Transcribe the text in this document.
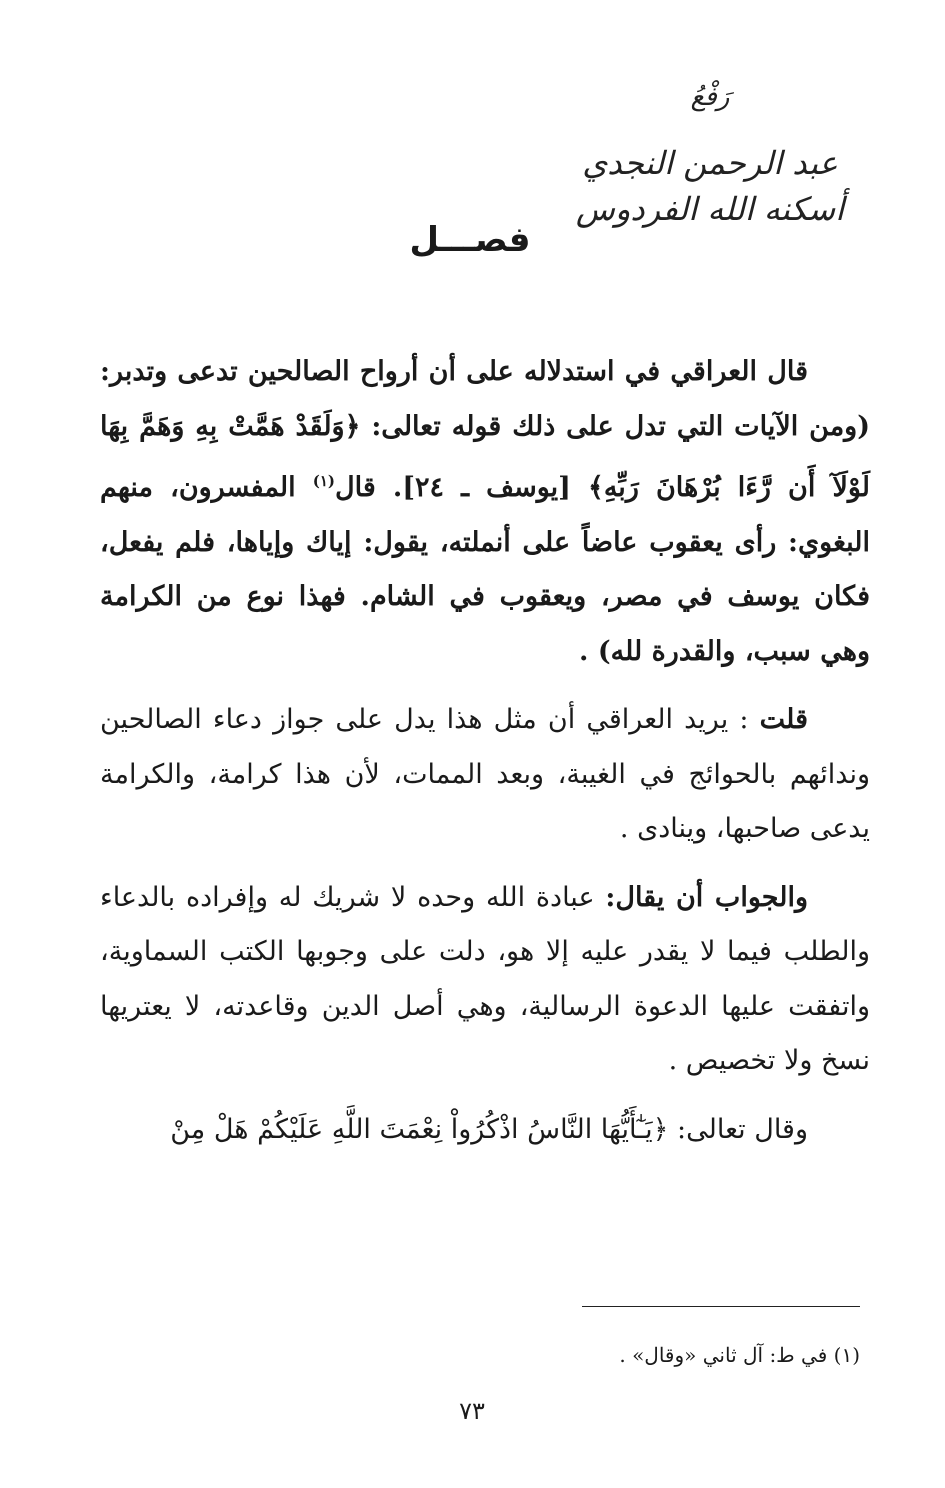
رَفْعُ
عبد الرحمن النجدي
أسكنه الله الفردوس
فصـــل

قال العراقي في استدلاله على أن أرواح الصالحين تدعى وتدبر: (ومن الآيات التي تدل على ذلك قوله تعالى: ﴿وَلَقَدْ هَمَّتْ بِهِ وَهَمَّ بِهَا لَوْلَآ أَن رَّءَا بُرْهَانَ رَبِّهِ﴾ [يوسف ـ ٢٤]. قال$^{(١)}$ المفسرون، منهم البغوي: رأى يعقوب عاضاً على أنملته، يقول: إياك وإياها، فلم يفعل، فكان يوسف في مصر، ويعقوب في الشام. فهذا نوع من الكرامة وهي سبب، والقدرة لله) .

قلت : يريد العراقي أن مثل هذا يدل على جواز دعاء الصالحين وندائهم بالحوائج في الغيبة، وبعد الممات، لأن هذا كرامة، والكرامة يدعى صاحبها، وينادى .

والجواب أن يقال: عبادة الله وحده لا شريك له وإفراده بالدعاء والطلب فيما لا يقدر عليه إلا هو، دلت على وجوبها الكتب السماوية، واتفقت عليها الدعوة الرسالية، وهي أصل الدين وقاعدته، لا يعتريها نسخ ولا تخصيص .

وقال تعالى: ﴿يَـٰٓأَيُّهَا النَّاسُ اذْكُرُواْ نِعْمَتَ اللَّهِ عَلَيْكُمْ هَلْ مِنْ

(١) في ط: آل ثاني «وقال» .
٧٣
